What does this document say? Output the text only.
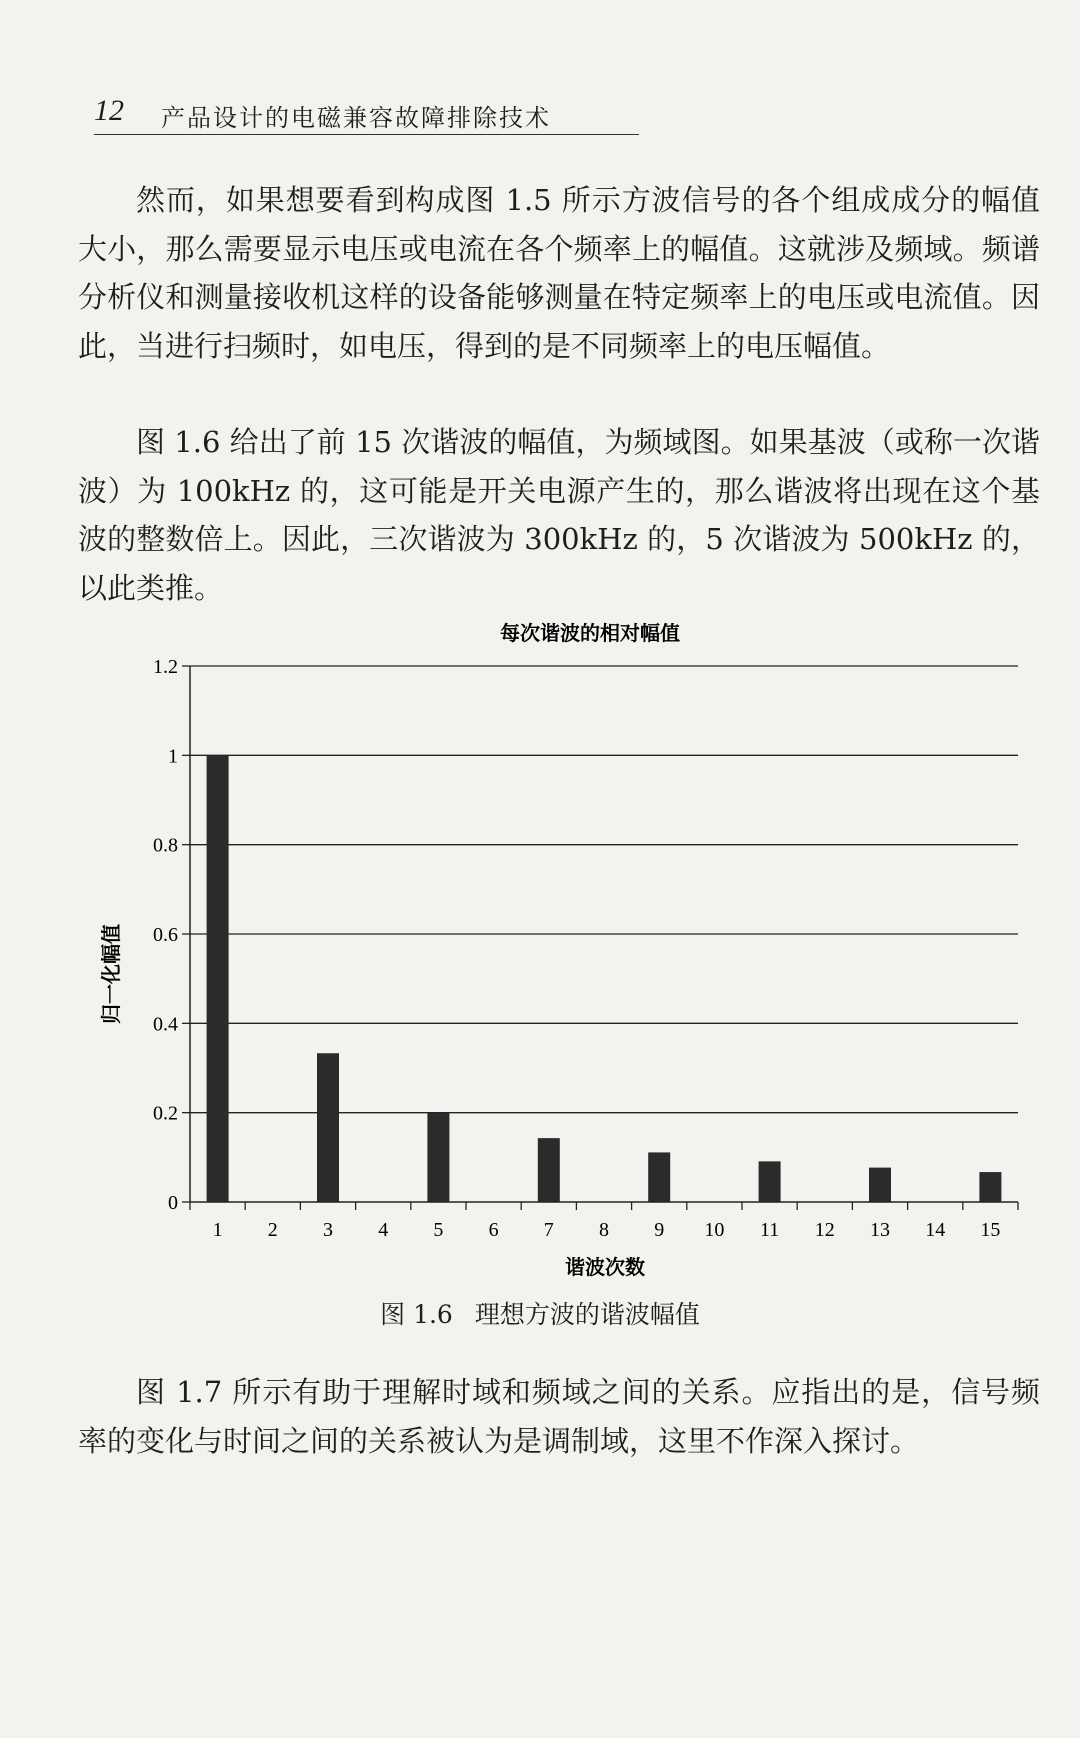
12 产品设计的电磁兼容故障排除技术

然而，如果想要看到构成图 1.5 所示方波信号的各个组成成分的幅值大小，那么需要显示电压或电流在各个频率上的幅值。这就涉及频域。频谱分析仪和测量接收机这样的设备能够测量在特定频率上的电压或电流值。因此，当进行扫频时，如电压，得到的是不同频率上的电压幅值。

图 1.6 给出了前 15 次谐波的幅值，为频域图。如果基波（或称一次谐波）为 100kHz 的，这可能是开关电源产生的，那么谐波将出现在这个基波的整数倍上。因此，三次谐波为 300kHz 的，5 次谐波为 500kHz 的，以此类推。

0
0.2
0.4
0.6
0.8
1
1.2
1 2 3 4 5 6 7 8 9 10 11 12 13 14 15
每次谐波的相对幅值
谐波次数
归一化幅值
图 1.6 理想方波的谐波幅值

图 1.7 所示有助于理解时域和频域之间的关系。应指出的是，信号频率的变化与时间之间的关系被认为是调制域，这里不作深入探讨。
